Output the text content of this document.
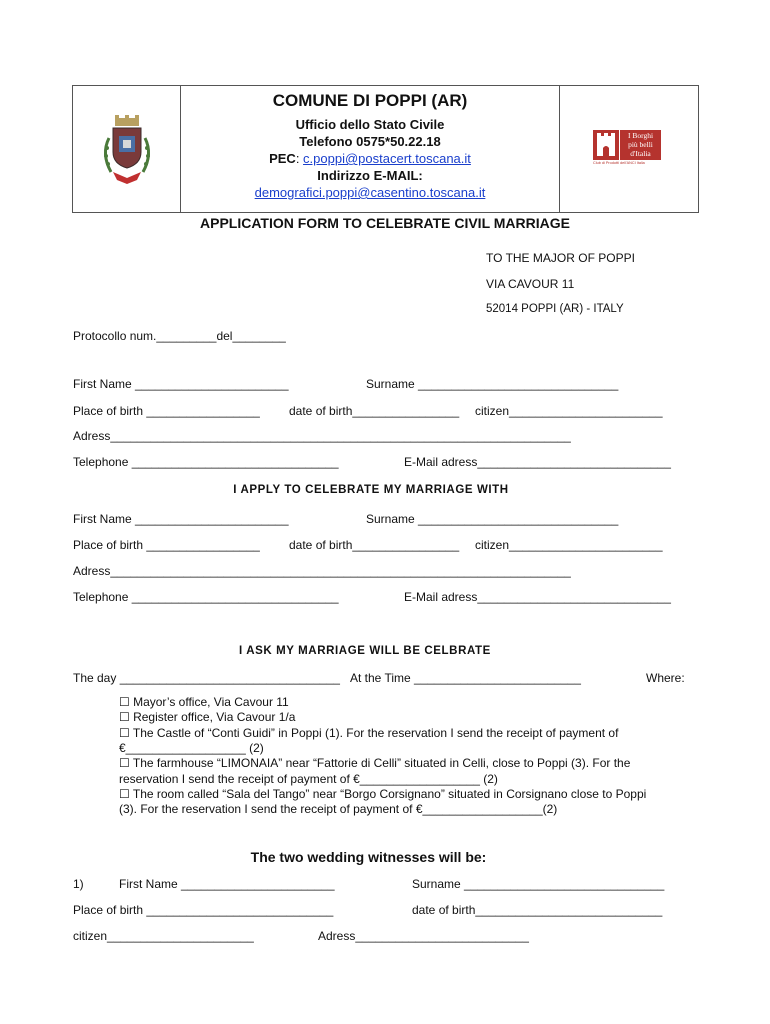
COMUNE DI POPPI (AR)
Ufficio dello Stato Civile
Telefono 0575*50.22.18
PEC: c.poppi@postacert.toscana.it
Indirizzo E-MAIL:
demografici.poppi@casentino.toscana.it
I Borghi
più belli
d'Italia
Club di Prodotti dell'ANCI Italia
APPLICATION FORM TO CELEBRATE CIVIL MARRIAGE
TO THE MAJOR OF POPPI
VIA CAVOUR 11
52014 POPPI (AR) - ITALY
Protocollo num._________del________
First Name _______________________	Surname ______________________________
Place of birth _________________ date of birth________________ citizen_______________________
Adress_____________________________________________________________________
Telephone _______________________________	E-Mail adress_____________________________
I APPLY TO CELEBRATE MY MARRIAGE WITH
First Name _______________________	Surname ______________________________
Place of birth _________________ date of birth________________ citizen_______________________
Adress_____________________________________________________________________
Telephone _______________________________	E-Mail adress_____________________________
I ASK MY MARRIAGE WILL BE CELBRATE
The day _________________________________ At the Time _________________________	Where:
☐ Mayor’s office, Via Cavour 11
☐ Register office, Via Cavour 1/a
☐ The Castle of “Conti Guidi” in Poppi (1). For the reservation I send the receipt of payment of
€__________________ (2)
☐ The farmhouse “LIMONAIA” near “Fattorie di Celli” situated in Celli, close to Poppi (3). For the
reservation I send the receipt of payment of €__________________ (2)
☐ The room called “Sala del Tango” near “Borgo Corsignano” situated in Corsignano close to Poppi
(3). For the reservation I send the receipt of payment of €__________________(2)
The two wedding witnesses will be:
1)	First Name _______________________	Surname ______________________________
Place of birth ____________________________	date of birth____________________________
citizen______________________	Adress__________________________
